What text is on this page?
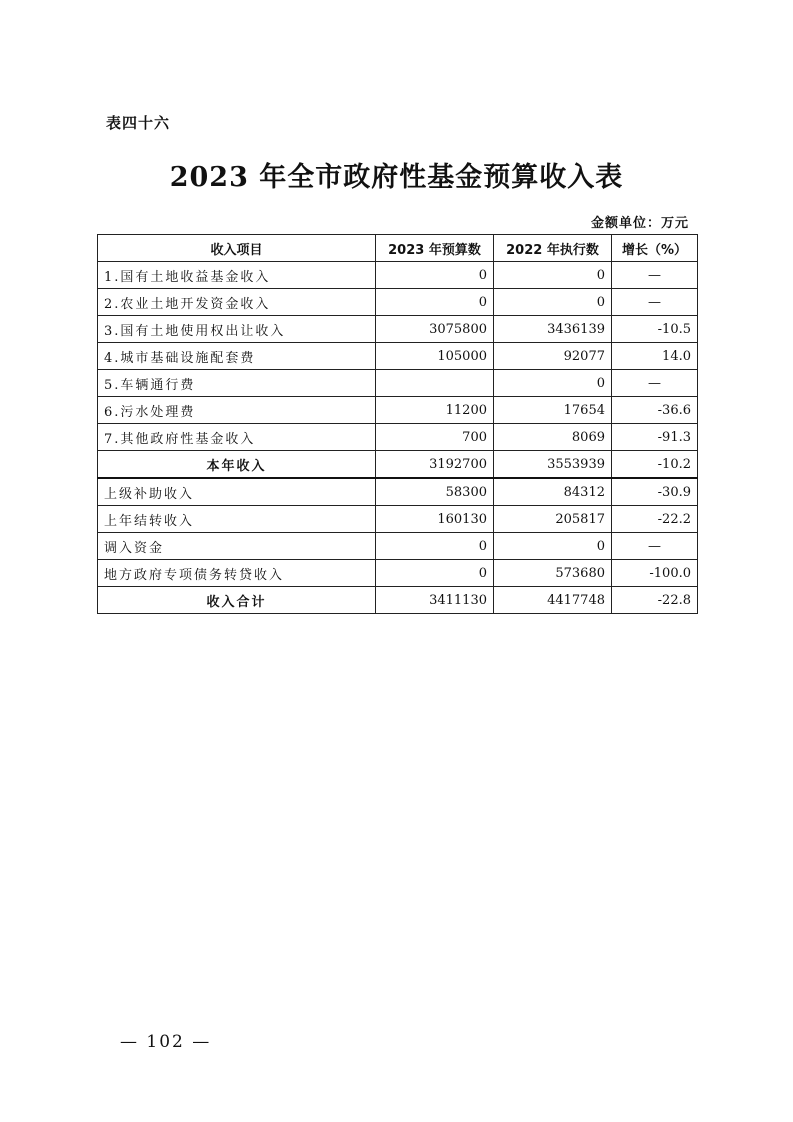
表四十六
2023 年全市政府性基金预算收入表
金额单位：万元
收入项目	2023 年预算数	2022 年执行数	增长（%）
1.国有土地收益基金收入	0	0	—
2.农业土地开发资金收入	0	0	—
3.国有土地使用权出让收入	3075800	3436139	-10.5
4.城市基础设施配套费	105000	92077	14.0
5.车辆通行费		0	—
6.污水处理费	11200	17654	-36.6
7.其他政府性基金收入	700	8069	-91.3
本年收入	3192700	3553939	-10.2
上级补助收入	58300	84312	-30.9
上年结转收入	160130	205817	-22.2
调入资金	0	0	—
地方政府专项债务转贷收入	0	573680	-100.0
收入合计	3411130	4417748	-22.8
— 102 —
